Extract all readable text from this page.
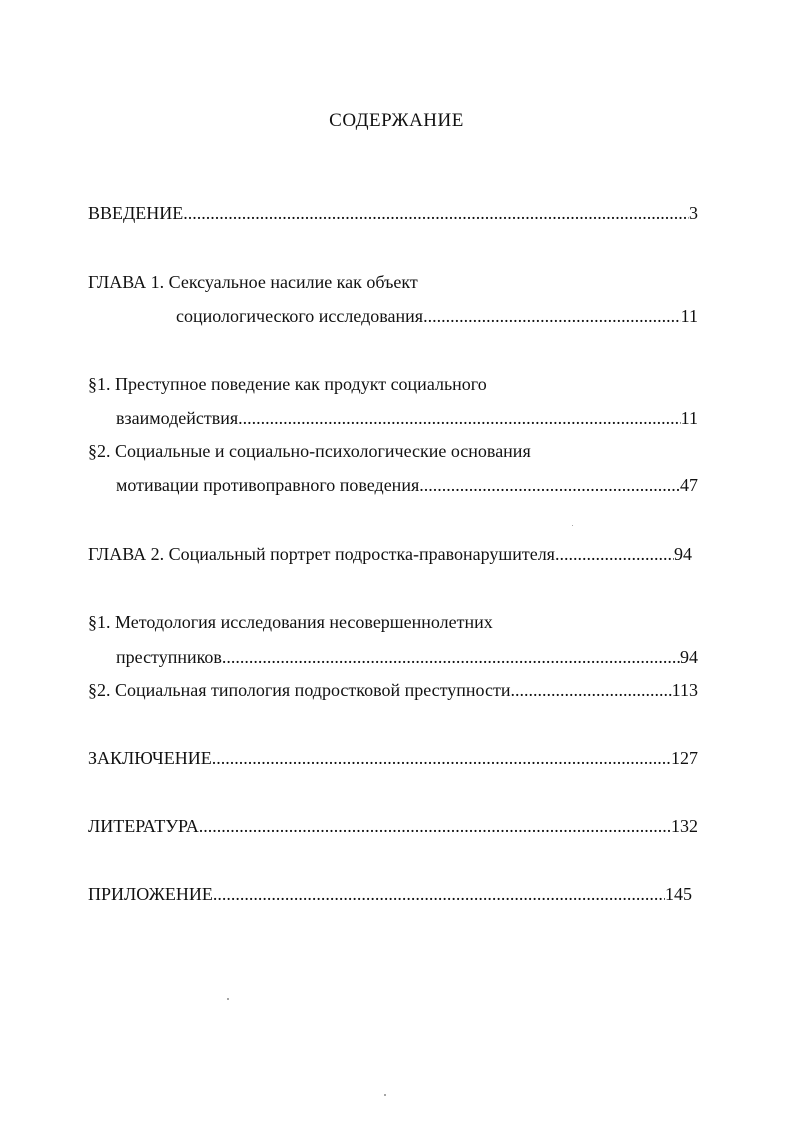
СОДЕРЖАНИЕ
ВВЕДЕНИЕ .....	3
ГЛАВА 1. Сексуальное насилие как объект
социологического исследования .....	11
§1. Преступное поведение как продукт социального
взаимодействия .....	11
§2. Социальные и социально-психологические основания
мотивации противоправного поведения .....	47
ГЛАВА 2. Социальный портрет подростка-правонарушителя .....	94
§1. Методология исследования несовершеннолетних
преступников .....	94
§2. Социальная типология подростковой преступности .....	113
ЗАКЛЮЧЕНИЕ .....	127
ЛИТЕРАТУРА .....	132
ПРИЛОЖЕНИЕ .....	145
